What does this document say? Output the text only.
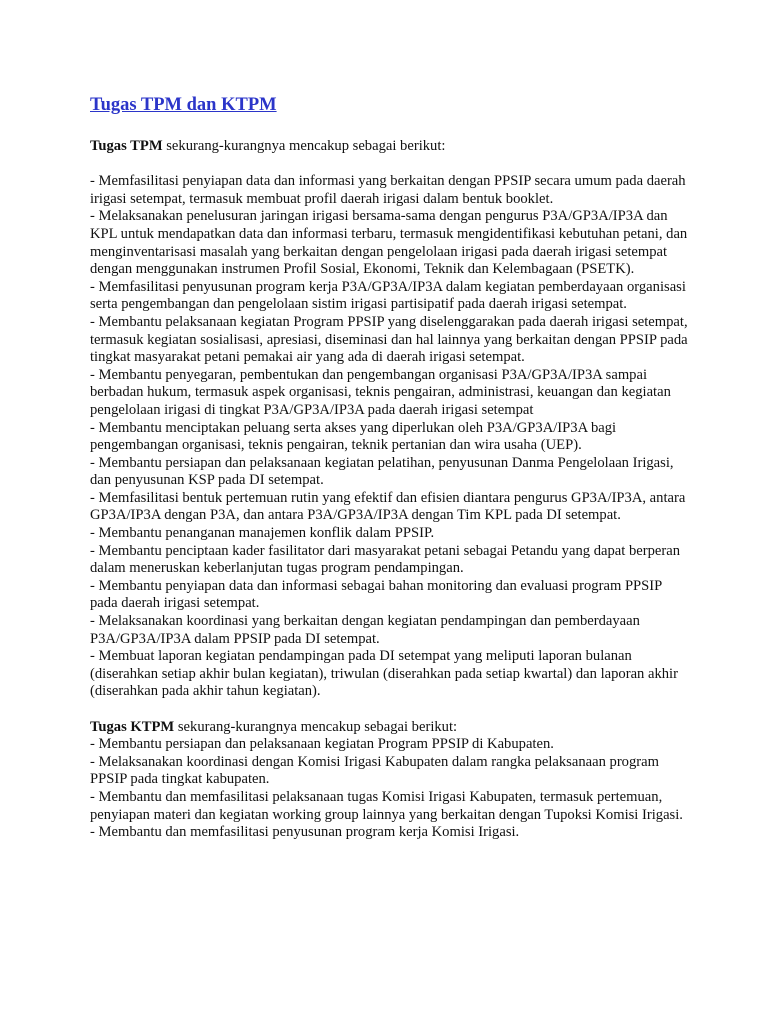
Tugas TPM dan KTPM
Tugas TPM sekurang-kurangnya mencakup sebagai berikut:

- Memfasilitasi penyiapan data dan informasi yang berkaitan dengan PPSIP secara umum pada daerah irigasi setempat, termasuk membuat profil daerah irigasi dalam bentuk booklet.

- Melaksanakan penelusuran jaringan irigasi bersama-sama dengan pengurus P3A/GP3A/IP3A dan KPL untuk mendapatkan data dan informasi terbaru, termasuk mengidentifikasi kebutuhan petani, dan menginventarisasi masalah yang berkaitan dengan pengelolaan irigasi pada daerah irigasi setempat dengan menggunakan instrumen Profil Sosial, Ekonomi, Teknik dan Kelembagaan (PSETK).

- Memfasilitasi penyusunan program kerja P3A/GP3A/IP3A dalam kegiatan pemberdayaan organisasi serta pengembangan dan pengelolaan sistim irigasi partisipatif pada daerah irigasi setempat.

- Membantu pelaksanaan kegiatan Program PPSIP yang diselenggarakan pada daerah irigasi setempat, termasuk kegiatan sosialisasi, apresiasi, diseminasi dan hal lainnya yang berkaitan dengan PPSIP pada tingkat masyarakat petani pemakai air yang ada di daerah irigasi setempat.

- Membantu penyegaran, pembentukan dan pengembangan organisasi P3A/GP3A/IP3A sampai berbadan hukum, termasuk aspek organisasi, teknis pengairan, administrasi, keuangan dan kegiatan pengelolaan irigasi di tingkat P3A/GP3A/IP3A pada daerah irigasi setempat

- Membantu menciptakan peluang serta akses yang diperlukan oleh P3A/GP3A/IP3A bagi pengembangan organisasi, teknis pengairan, teknik pertanian dan wira usaha (UEP).

- Membantu persiapan dan pelaksanaan kegiatan pelatihan, penyusunan Danma Pengelolaan Irigasi, dan penyusunan KSP pada DI setempat.

- Memfasilitasi bentuk pertemuan rutin yang efektif dan efisien diantara pengurus GP3A/IP3A, antara GP3A/IP3A dengan P3A, dan antara P3A/GP3A/IP3A dengan Tim KPL pada DI setempat.

- Membantu penanganan manajemen konflik dalam PPSIP.

- Membantu penciptaan kader fasilitator dari masyarakat petani sebagai Petandu yang dapat berperan dalam meneruskan keberlanjutan tugas program pendampingan.

- Membantu penyiapan data dan informasi sebagai bahan monitoring dan evaluasi program PPSIP pada daerah irigasi setempat.

- Melaksanakan koordinasi yang berkaitan dengan kegiatan pendampingan dan pemberdayaan P3A/GP3A/IP3A dalam PPSIP pada DI setempat.

- Membuat laporan kegiatan pendampingan pada DI setempat yang meliputi laporan bulanan (diserahkan setiap akhir bulan kegiatan), triwulan (diserahkan pada setiap kwartal) dan laporan akhir (diserahkan pada akhir tahun kegiatan).

Tugas KTPM sekurang-kurangnya mencakup sebagai berikut:

- Membantu persiapan dan pelaksanaan kegiatan Program PPSIP di Kabupaten.

- Melaksanakan koordinasi dengan Komisi Irigasi Kabupaten dalam rangka pelaksanaan program PPSIP pada tingkat kabupaten.

- Membantu dan memfasilitasi pelaksanaan tugas Komisi Irigasi Kabupaten, termasuk pertemuan, penyiapan materi dan kegiatan working group lainnya yang berkaitan dengan Tupoksi Komisi Irigasi.

- Membantu dan memfasilitasi penyusunan program kerja Komisi Irigasi.
